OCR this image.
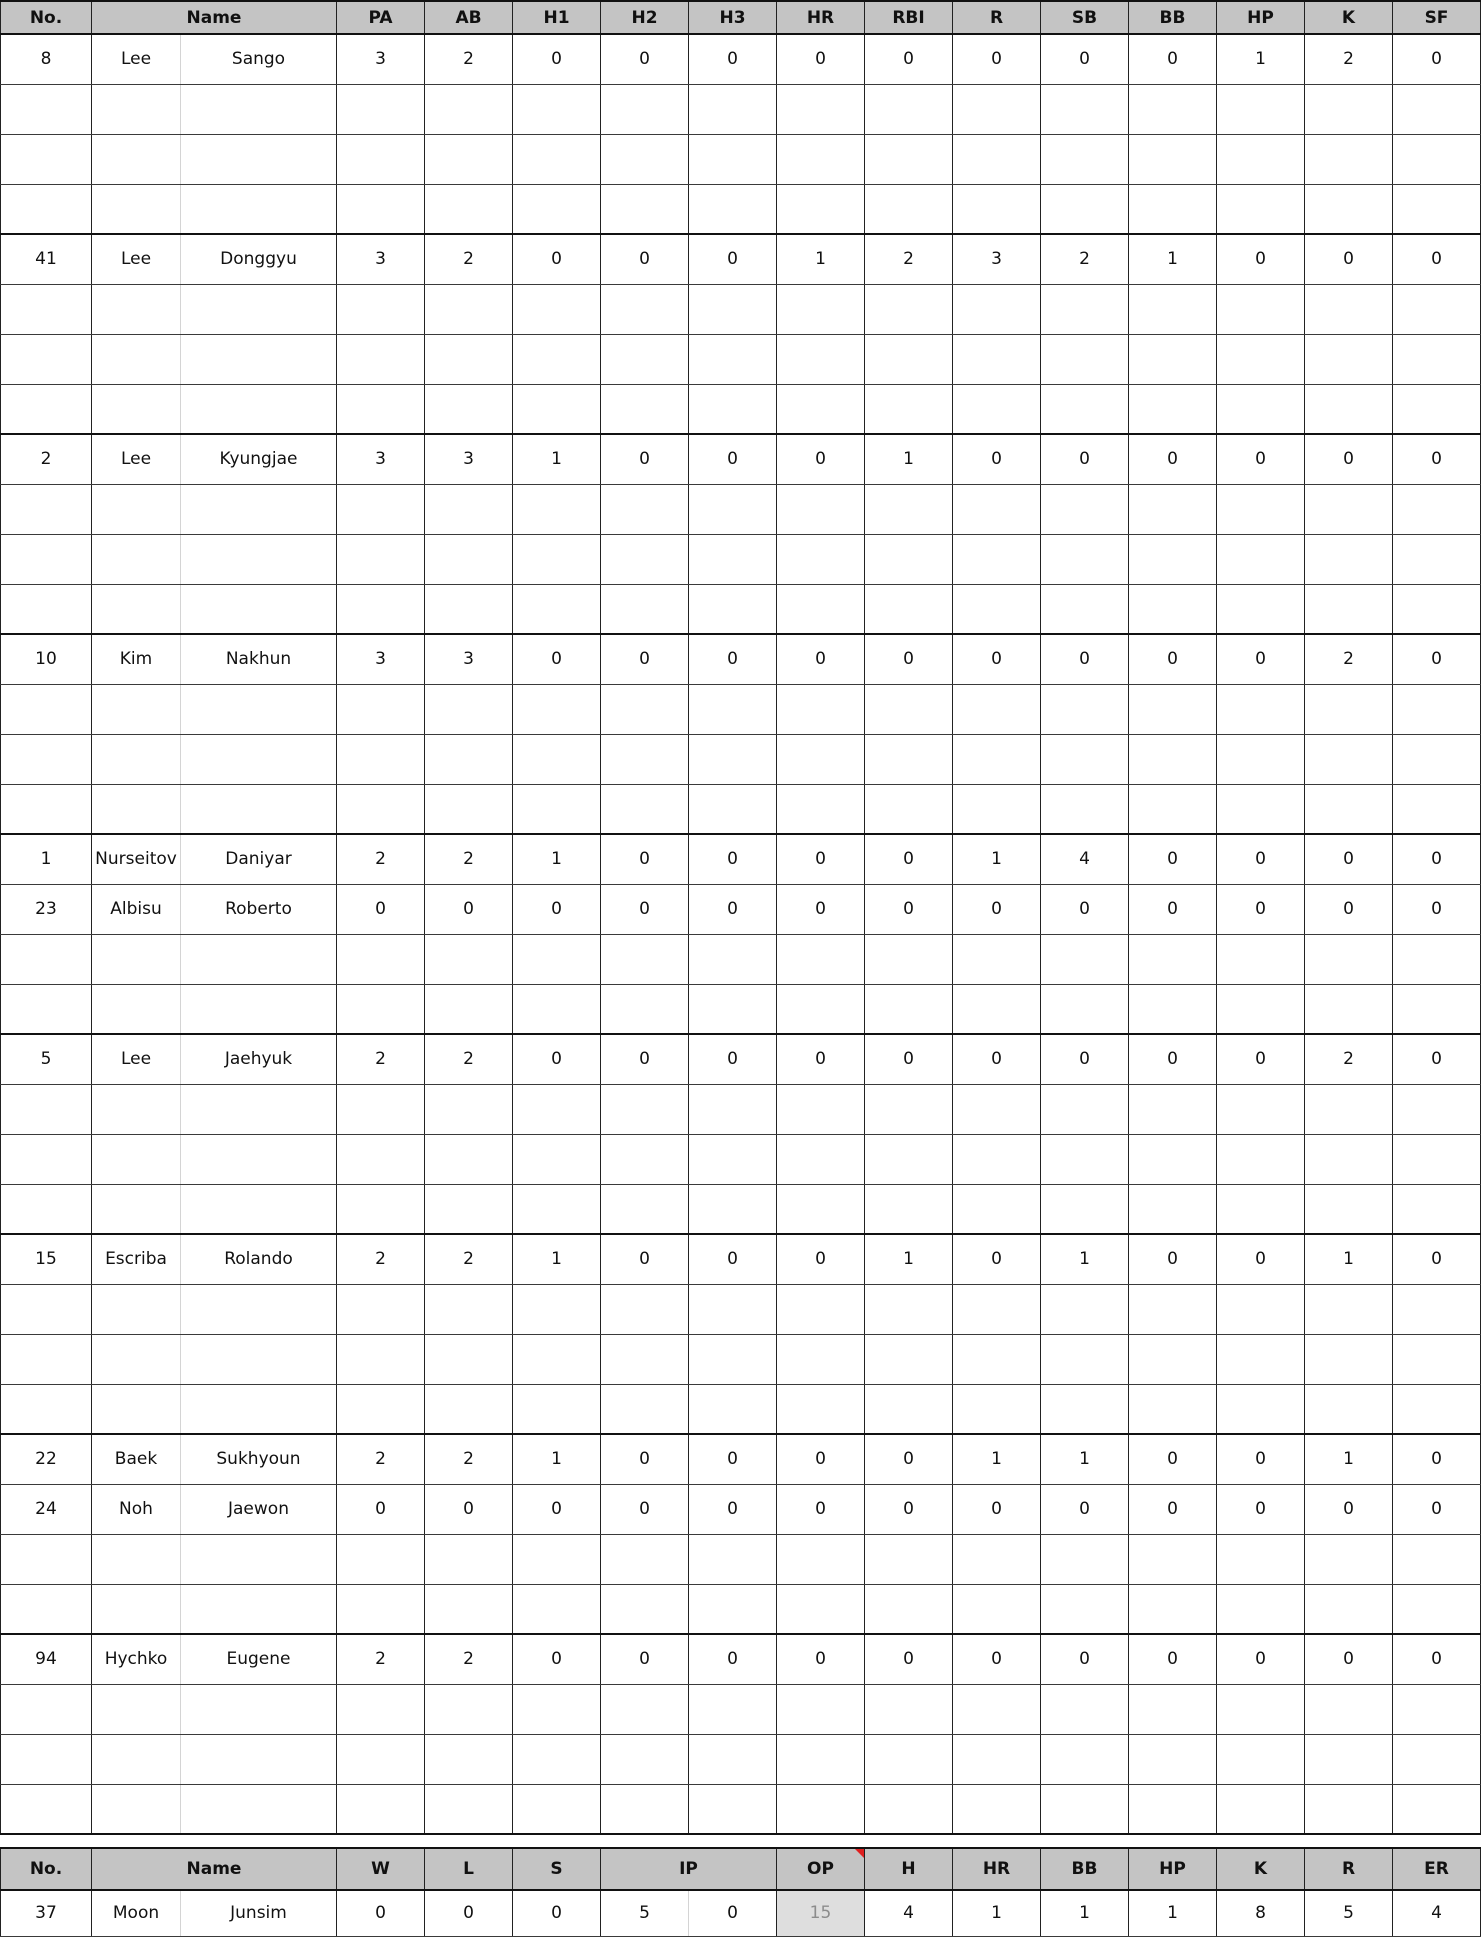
No.	Name		PA	AB	H1	H2	H3	HR	RBI	R	SB	BB	HP	K	SF
8	Lee	Sango	3	2	0	0	0	0	0	0	0	0	1	2	0

41	Lee	Donggyu	3	2	0	0	0	1	2	3	2	1	0	0	0

2	Lee	Kyungjae	3	3	1	0	0	0	1	0	0	0	0	0	0

10	Kim	Nakhun	3	3	0	0	0	0	0	0	0	0	0	2	0

1	Nurseitov	Daniyar	2	2	1	0	0	0	0	1	4	0	0	0	0
23	Albisu	Roberto	0	0	0	0	0	0	0	0	0	0	0	0	0

5	Lee	Jaehyuk	2	2	0	0	0	0	0	0	0	0	0	2	0

15	Escriba	Rolando	2	2	1	0	0	0	1	0	1	0	0	1	0

22	Baek	Sukhyoun	2	2	1	0	0	0	0	1	1	0	0	1	0
24	Noh	Jaewon	0	0	0	0	0	0	0	0	0	0	0	0	0

94	Hychko	Eugene	2	2	0	0	0	0	0	0	0	0	0	0	0

No.	Name		W	L	S	IP		OP	H	HR	BB	HP	K	R	ER
37	Moon	Junsim	0	0	0	5	0	15	4	1	1	1	8	5	4
